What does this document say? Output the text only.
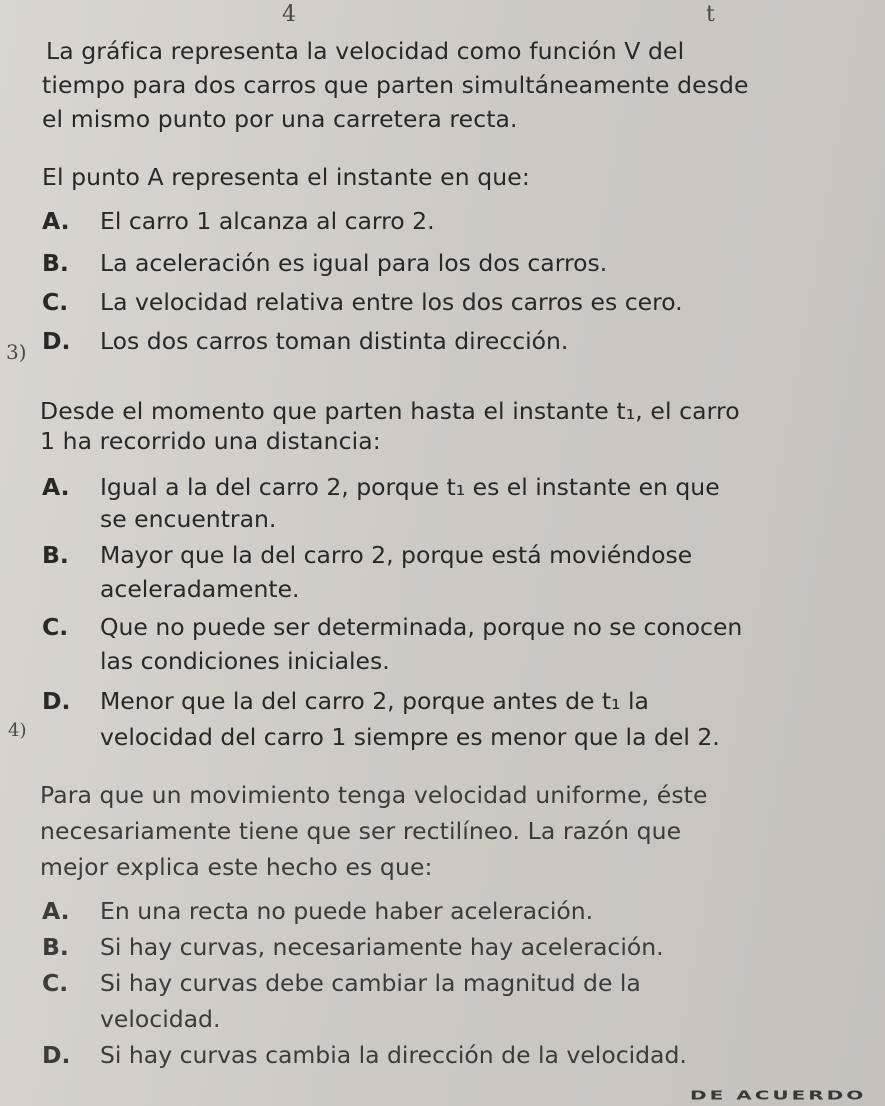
4	t
La gráfica representa la velocidad como función V del
tiempo para dos carros que parten simultáneamente desde
el mismo punto por una carretera recta.
El punto A representa el instante en que:
A. El carro 1 alcanza al carro 2.
B. La aceleración es igual para los dos carros.
C. La velocidad relativa entre los dos carros es cero.
D. Los dos carros toman distinta dirección.
3)
Desde el momento que parten hasta el instante t₁, el carro
1 ha recorrido una distancia:
A. Igual a la del carro 2, porque t₁ es el instante en que
se encuentran.
B. Mayor que la del carro 2, porque está moviéndose
aceleradamente.
C. Que no puede ser determinada, porque no se conocen
las condiciones iniciales.
D. Menor que la del carro 2, porque antes de t₁ la
velocidad del carro 1 siempre es menor que la del 2.
4)
Para que un movimiento tenga velocidad uniforme, éste
necesariamente tiene que ser rectilíneo. La razón que
mejor explica este hecho es que:
A. En una recta no puede haber aceleración.
B. Si hay curvas, necesariamente hay aceleración.
C. Si hay curvas debe cambiar la magnitud de la
velocidad.
D. Si hay curvas cambia la dirección de la velocidad.
DE ACUERDO
